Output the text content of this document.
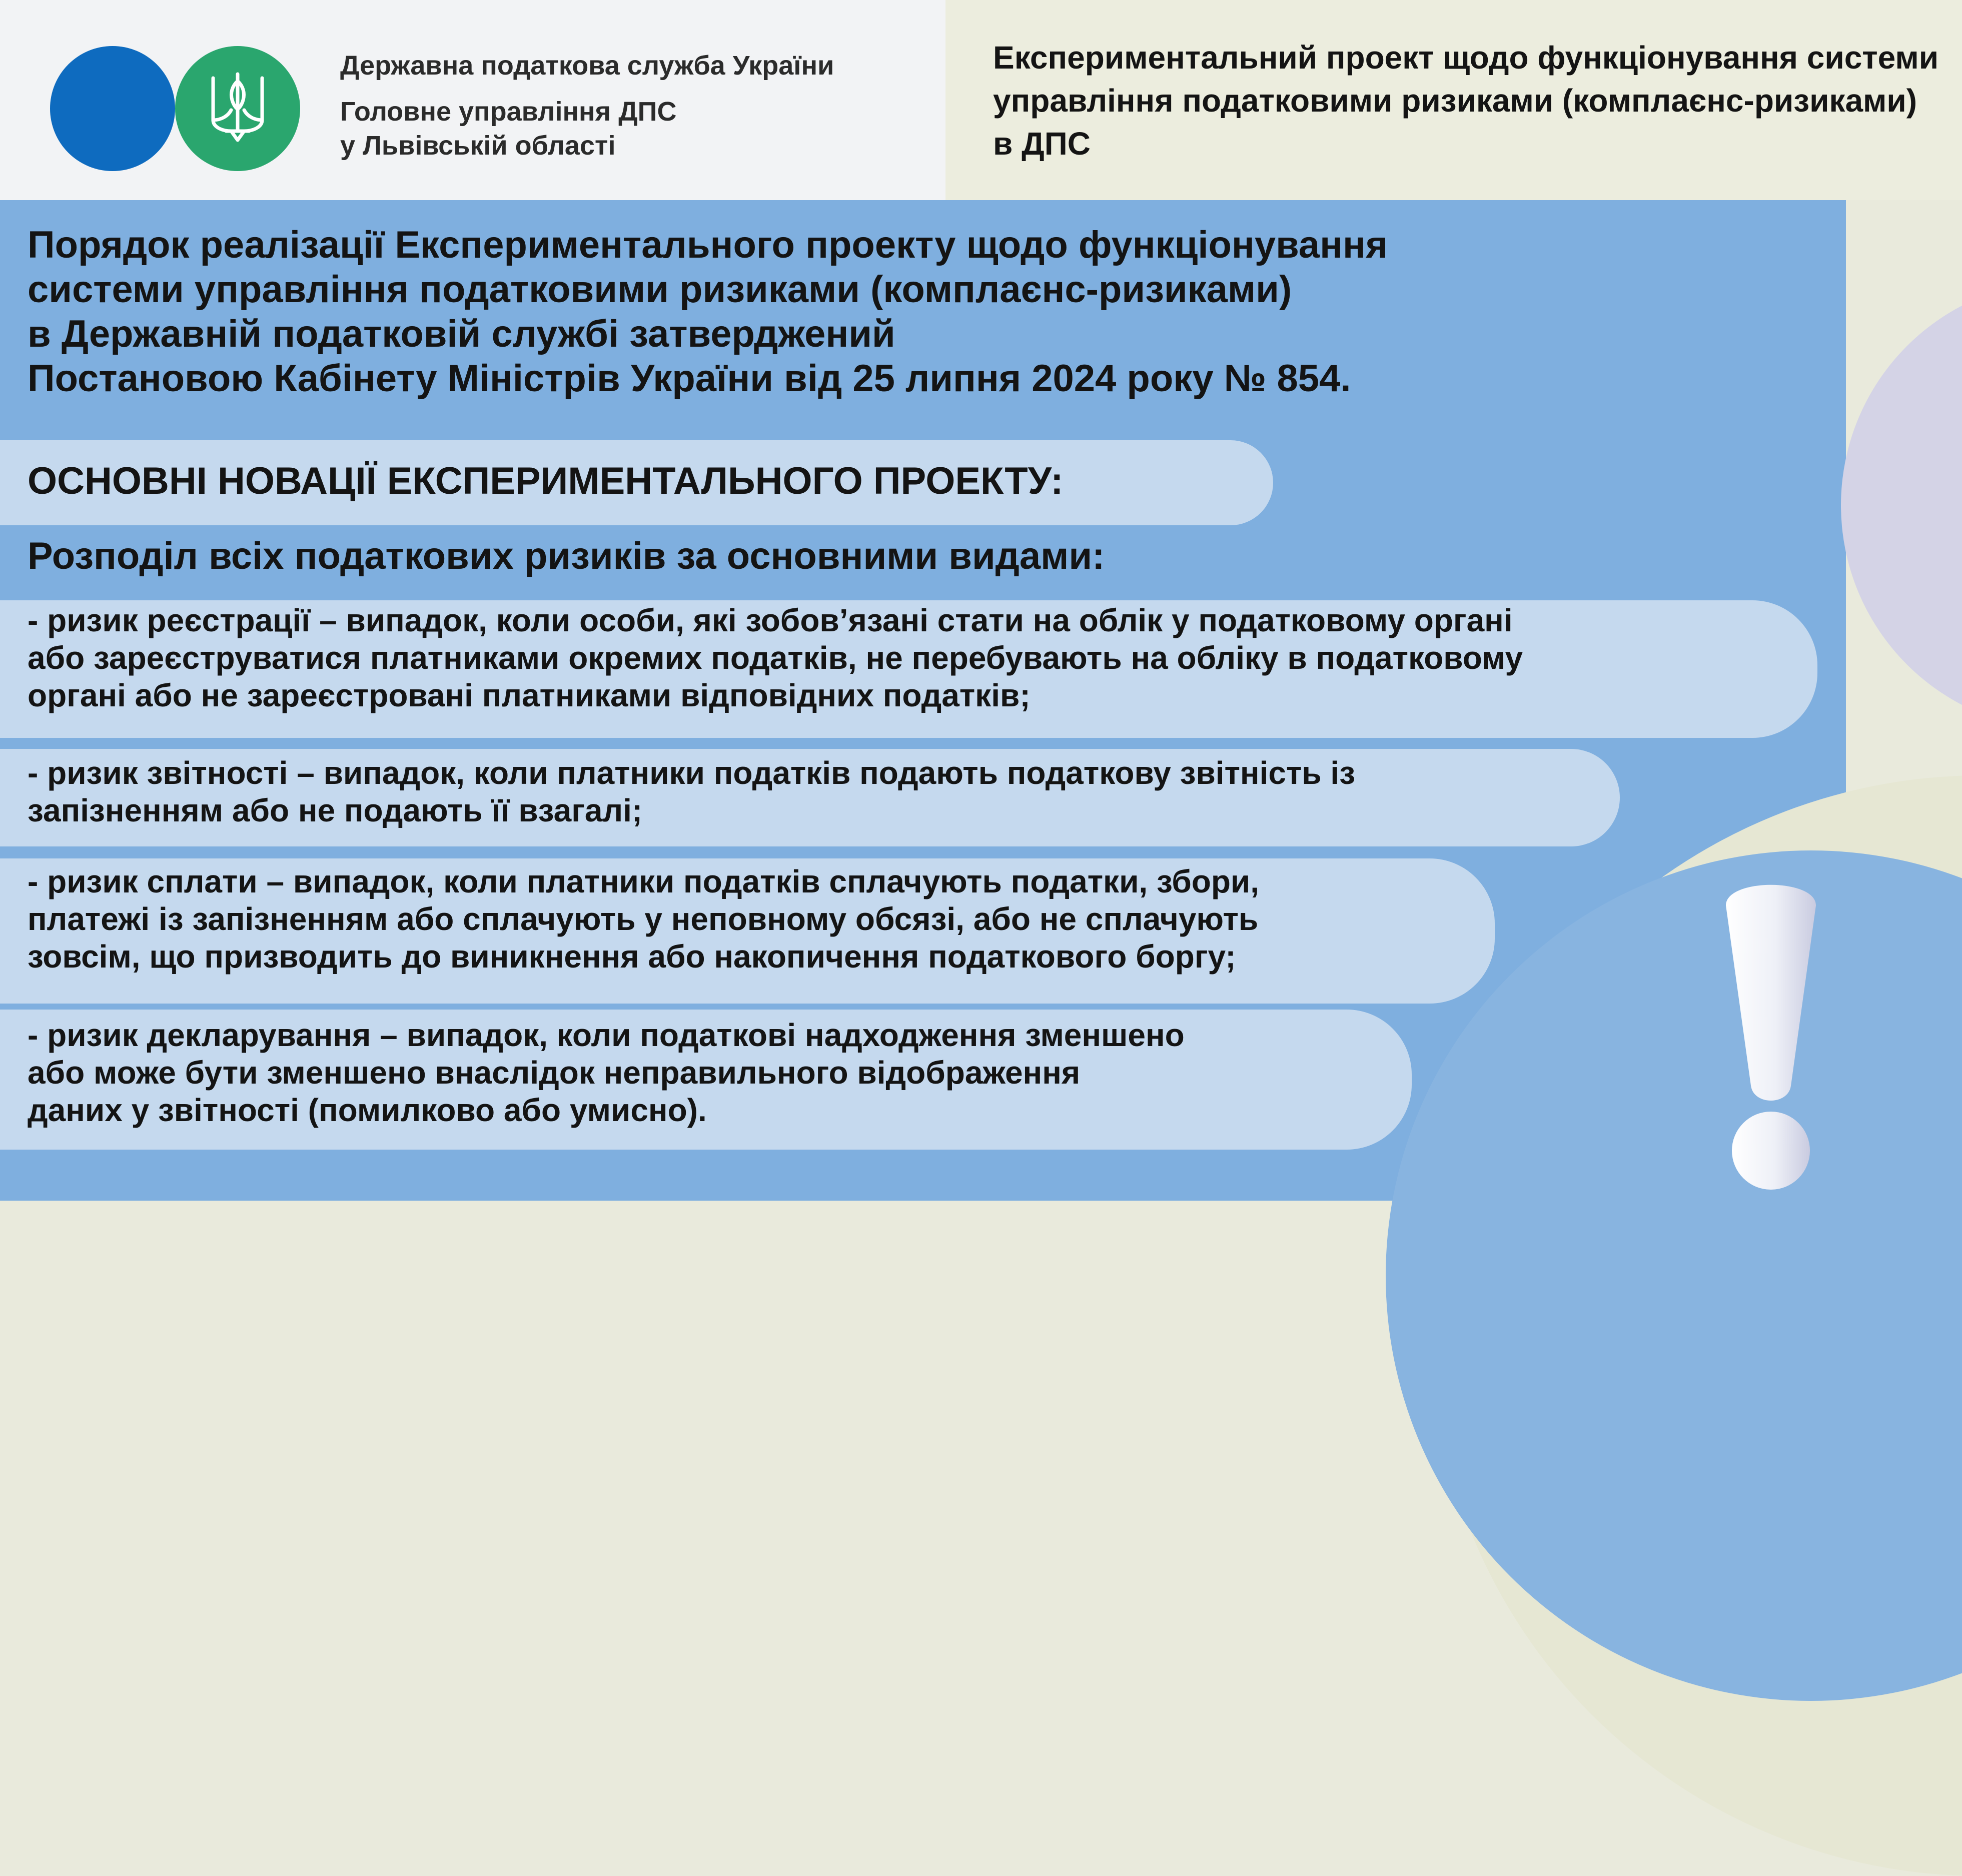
Державна податкова служба України
Головне управління ДПС
у Львівській області
Експериментальний проект щодо функціонування системи управління податковими ризиками (комплаєнс-ризиками) в ДПС

Порядок реалізації Експериментального проекту щодо функціонування
системи управління податковими ризиками (комплаєнс-ризиками)
в Державній податковій службі затверджений
Постановою Кабінету Міністрів України від 25 липня 2024 року № 854.

ОСНОВНІ НОВАЦІЇ ЕКСПЕРИМЕНТАЛЬНОГО ПРОЕКТУ:
Розподіл всіх податкових ризиків за основними видами:
- ризик реєстрації – випадок, коли особи, які зобов’язані стати на облік у податковому органі
або зареєструватися платниками окремих податків, не перебувають на обліку в податковому
органі або не зареєстровані платниками відповідних податків;
- ризик звітності – випадок, коли платники податків подають податкову звітність із
запізненням або не подають її взагалі;
- ризик сплати – випадок, коли платники податків сплачують податки, збори,
платежі із запізненням або сплачують у неповному обсязі, або не сплачують
зовсім, що призводить до виникнення або накопичення податкового боргу;
- ризик декларування – випадок, коли податкові надходження зменшено
або може бути зменшено внаслідок неправильного відображення
даних у звітності (помилково або умисно).
